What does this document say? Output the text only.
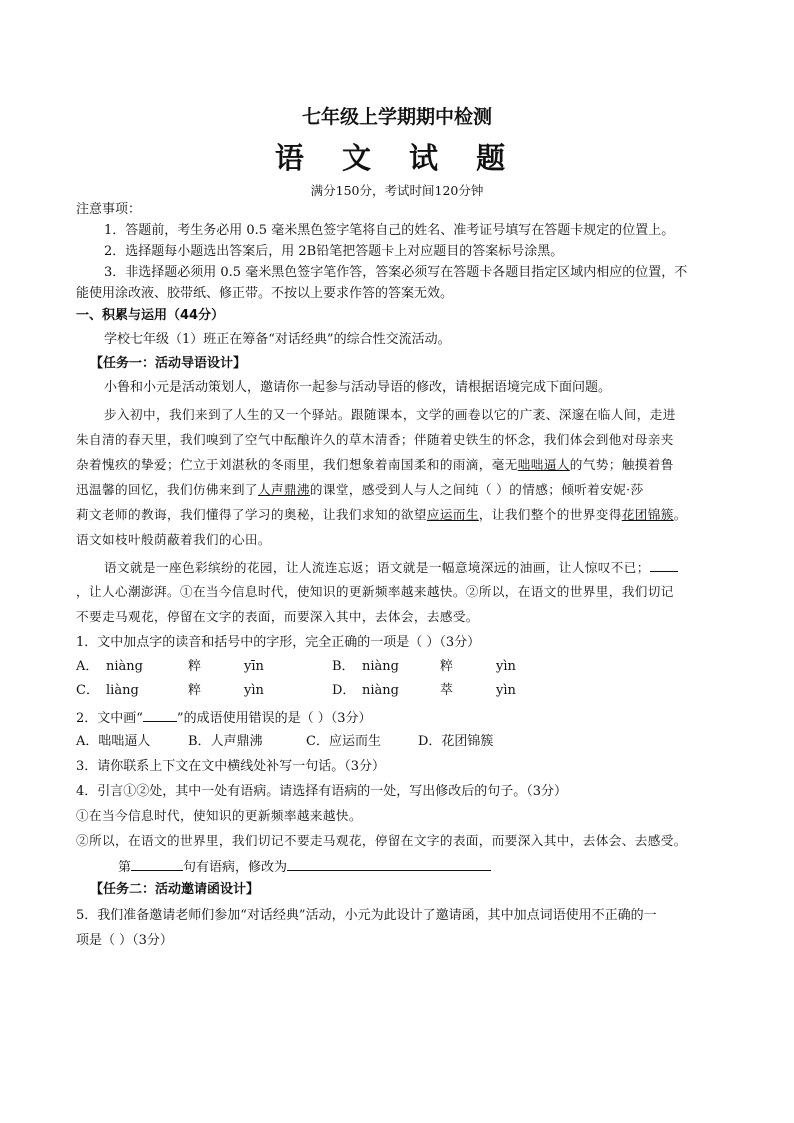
七年级上学期期中检测
语 文 试 题
满分150分，考试时间120分钟
注意事项：
1．答题前，考生务必用 0.5 毫米黑色签字笔将自己的姓名、准考证号填写在答题卡规定的位置上。
2．选择题每小题选出答案后，用 2B铅笔把答题卡上对应题目的答案标号涂黑。
3．非选择题必须用 0.5 毫米黑色签字笔作答，答案必须写在答题卡各题目指定区域内相应的位置，不
能使用涂改液、胶带纸、修正带。不按以上要求作答的答案无效。
一、积累与运用（44分）
学校七年级（1）班正在筹备“对话经典”的综合性交流活动。
【任务一：活动导语设计】
小鲁和小元是活动策划人，邀请你一起参与活动导语的修改，请根据语境完成下面问题。
步入初中，我们来到了人生的又一个驿站。跟随课本，文学的画卷以它的广袤、深邃在临人间，走进
朱自清的春天里，我们嗅到了空气中酝酿许久的草木清香；伴随着史铁生的怀念，我们体会到他对母亲夹
杂着愧疚的挚爱；伫立于刘湛秋的冬雨里，我们想象着南国柔和的雨滴，毫无咄咄逼人的气势；触摸着鲁
迅温馨的回忆，我们仿佛来到了人声鼎沸的课堂，感受到人与人之间纯（ ）的情感；倾听着安妮·莎
莉文老师的教诲，我们懂得了学习的奥秘，让我们求知的欲望应运而生，让我们整个的世界变得花团锦簇。
语文如枝叶般荫蔽着我们的心田。
语文就是一座色彩缤纷的花园，让人流连忘返；语文就是一幅意境深远的油画，让人惊叹不已；
，让人心潮澎湃。①在当今信息时代，使知识的更新频率越来越快。②所以，在语文的世界里，我们切记
不要走马观花，停留在文字的表面，而要深入其中，去体会，去感受。
1．文中加点字的读音和括号中的字形，完全正确的一项是（ ）（3分）
A． niàng	粹	yīn	B． niàng	粹	yìn
C． liàng	粹	yìn	D． niàng	萃	yìn
2．文中画“	”的成语使用错误的是（ ）（3分）
A．咄咄逼人	B．人声鼎沸	C．应运而生	D．花团锦簇
3．请你联系上下文在文中横线处补写一句话。（3分）
4．引言①②处，其中一处有语病。请选择有语病的一处，写出修改后的句子。（3分）
①在当今信息时代，使知识的更新频率越来越快。
②所以，在语文的世界里，我们切记不要走马观花，停留在文字的表面，而要深入其中，去体会、去感受。
第	句有语病，修改为
【任务二：活动邀请函设计】
5．我们准备邀请老师们参加“对话经典”活动，小元为此设计了邀请函，其中加点词语使用不正确的一
项是（ ）（3分）
